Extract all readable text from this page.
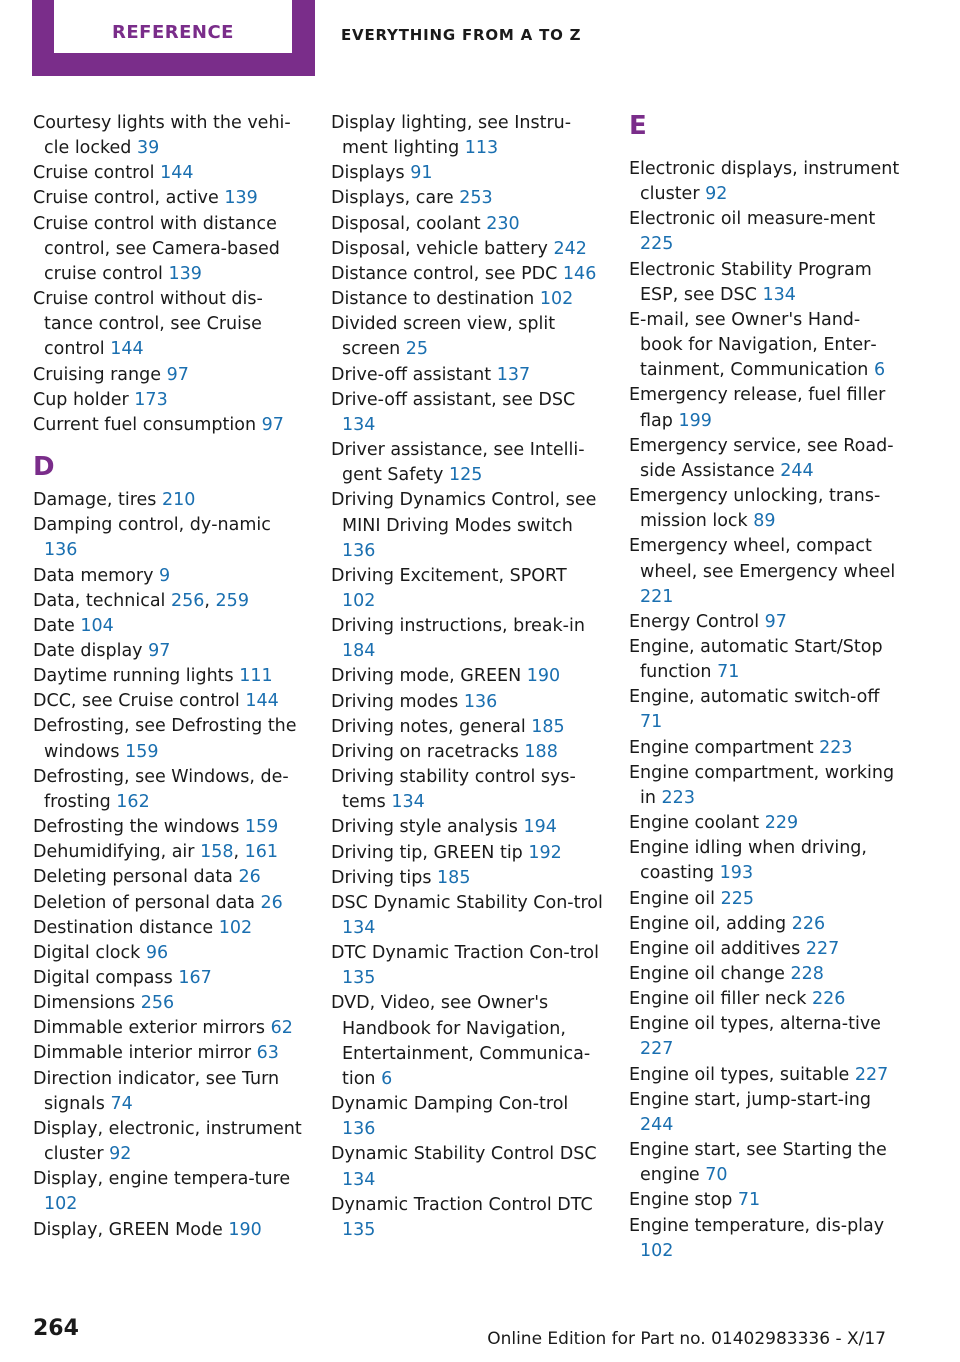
REFERENCE	EVERYTHING FROM A TO Z
Courtesy lights with the vehi‐cle locked 39
Cruise control 144
Cruise control, active 139
Cruise control with distance control, see Camera-based cruise control 139
Cruise control without dis‐tance control, see Cruise control 144
Cruising range 97
Cup holder 173
Current fuel consumption 97
D
Damage, tires 210
Damping control, dy‐namic 136
Data memory 9
Data, technical 256, 259
Date 104
Date display 97
Daytime running lights 111
DCC, see Cruise control 144
Defrosting, see Defrosting the windows 159
Defrosting, see Windows, de‐frosting 162
Defrosting the windows 159
Dehumidifying, air 158, 161
Deleting personal data 26
Deletion of personal data 26
Destination distance 102
Digital clock 96
Digital compass 167
Dimensions 256
Dimmable exterior mirrors 62
Dimmable interior mirror 63
Direction indicator, see Turn signals 74
Display, electronic, instrument cluster 92
Display, engine tempera‐ture 102
Display, GREEN Mode 190
Display lighting, see Instru‐ment lighting 113
Displays 91
Displays, care 253
Disposal, coolant 230
Disposal, vehicle battery 242
Distance control, see PDC 146
Distance to destination 102
Divided screen view, split screen 25
Drive-off assistant 137
Drive-off assistant, see DSC 134
Driver assistance, see Intelli‐gent Safety 125
Driving Dynamics Control, see MINI Driving Modes switch 136
Driving Excitement, SPORT 102
Driving instructions, break-in 184
Driving mode, GREEN 190
Driving modes 136
Driving notes, general 185
Driving on racetracks 188
Driving stability control sys‐tems 134
Driving style analysis 194
Driving tip, GREEN tip 192
Driving tips 185
DSC Dynamic Stability Con‐trol 134
DTC Dynamic Traction Con‐trol 135
DVD, Video, see Owner's Handbook for Navigation, Entertainment, Communica‐tion 6
Dynamic Damping Con‐trol 136
Dynamic Stability Control DSC 134
Dynamic Traction Control DTC 135
E
Electronic displays, instrument cluster 92
Electronic oil measure‐ment 225
Electronic Stability Program ESP, see DSC 134
E-mail, see Owner's Hand‐book for Navigation, Enter‐tainment, Communication 6
Emergency release, fuel filler flap 199
Emergency service, see Road‐side Assistance 244
Emergency unlocking, trans‐mission lock 89
Emergency wheel, compact wheel, see Emergency wheel 221
Energy Control 97
Engine, automatic Start/Stop function 71
Engine, automatic switch-off 71
Engine compartment 223
Engine compartment, working in 223
Engine coolant 229
Engine idling when driving, coasting 193
Engine oil 225
Engine oil, adding 226
Engine oil additives 227
Engine oil change 228
Engine oil filler neck 226
Engine oil types, alterna‐tive 227
Engine oil types, suitable 227
Engine start, jump-start‐ing 244
Engine start, see Starting the engine 70
Engine stop 71
Engine temperature, dis‐play 102
264	Online Edition for Part no. 01402983336 - X/17
